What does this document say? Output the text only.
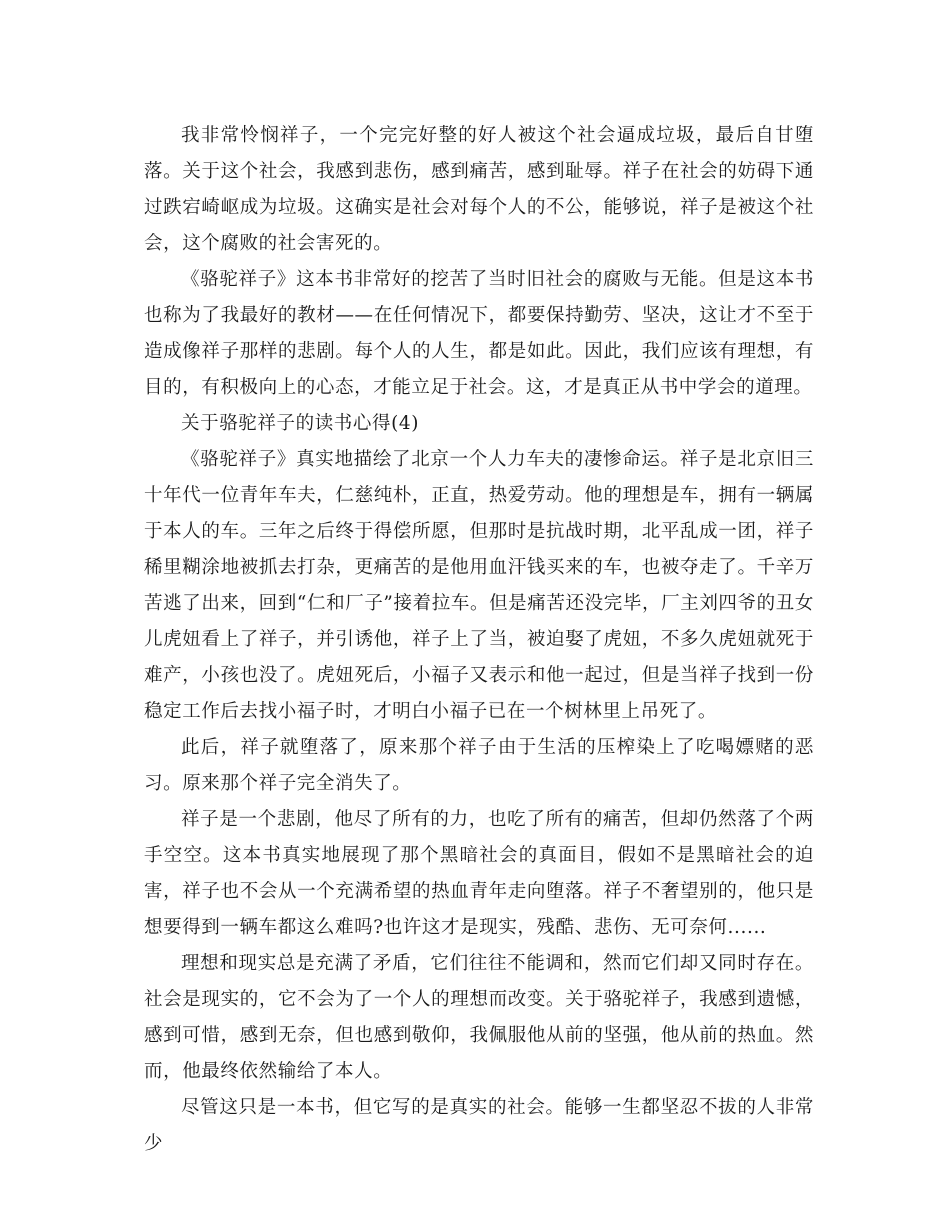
我非常怜悯祥子，一个完完好整的好人被这个社会逼成垃圾，最后自甘堕落。关于这个社会，我感到悲伤，感到痛苦，感到耻辱。祥子在社会的妨碍下通过跌宕崎岖成为垃圾。这确实是社会对每个人的不公，能够说，祥子是被这个社会，这个腐败的社会害死的。

《骆驼祥子》这本书非常好的挖苦了当时旧社会的腐败与无能。但是这本书也称为了我最好的教材——在任何情况下，都要保持勤劳、坚决，这让才不至于造成像祥子那样的悲剧。每个人的人生，都是如此。因此，我们应该有理想，有目的，有积极向上的心态，才能立足于社会。这，才是真正从书中学会的道理。

关于骆驼祥子的读书心得(4)

《骆驼祥子》真实地描绘了北京一个人力车夫的凄惨命运。祥子是北京旧三十年代一位青年车夫，仁慈纯朴，正直，热爱劳动。他的理想是车，拥有一辆属于本人的车。三年之后终于得偿所愿，但那时是抗战时期，北平乱成一团，祥子稀里糊涂地被抓去打杂，更痛苦的是他用血汗钱买来的车，也被夺走了。千辛万苦逃了出来，回到“仁和厂子”接着拉车。但是痛苦还没完毕，厂主刘四爷的丑女儿虎妞看上了祥子，并引诱他，祥子上了当，被迫娶了虎妞，不多久虎妞就死于难产，小孩也没了。虎妞死后，小福子又表示和他一起过，但是当祥子找到一份稳定工作后去找小福子时，才明白小福子已在一个树林里上吊死了。

此后，祥子就堕落了，原来那个祥子由于生活的压榨染上了吃喝嫖赌的恶习。原来那个祥子完全消失了。

祥子是一个悲剧，他尽了所有的力，也吃了所有的痛苦，但却仍然落了个两手空空。这本书真实地展现了那个黑暗社会的真面目，假如不是黑暗社会的迫害，祥子也不会从一个充满希望的热血青年走向堕落。祥子不奢望别的，他只是想要得到一辆车都这么难吗?也许这才是现实，残酷、悲伤、无可奈何......

理想和现实总是充满了矛盾，它们往往不能调和，然而它们却又同时存在。社会是现实的，它不会为了一个人的理想而改变。关于骆驼祥子，我感到遗憾，感到可惜，感到无奈，但也感到敬仰，我佩服他从前的坚强，他从前的热血。然而，他最终依然输给了本人。

尽管这只是一本书，但它写的是真实的社会。能够一生都坚忍不拔的人非常少
